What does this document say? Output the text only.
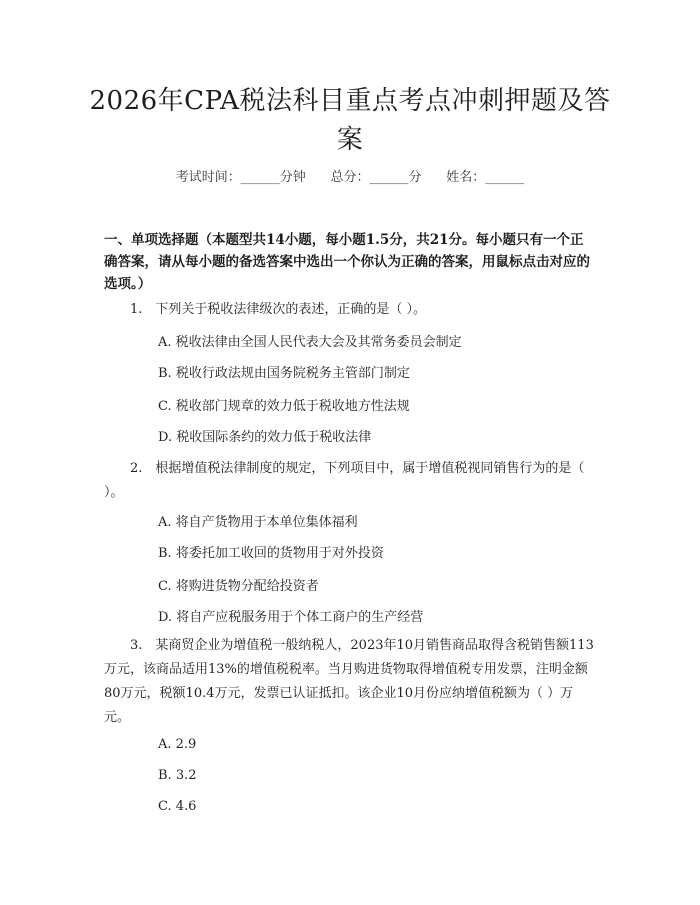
2026年CPA税法科目重点考点冲刺押题及答案
考试时间：______分钟      总分：______分      姓名：______
一、单项选择题（本题型共14小题，每小题1.5分，共21分。每小题只有一个正确答案，请从每小题的备选答案中选出一个你认为正确的答案，用鼠标点击对应的选项。）
1.　下列关于税收法律级次的表述，正确的是（ ）。
A. 税收法律由全国人民代表大会及其常务委员会制定
B. 税收行政法规由国务院税务主管部门制定
C. 税收部门规章的效力低于税收地方性法规
D. 税收国际条约的效力低于税收法律
2.　根据增值税法律制度的规定，下列项目中，属于增值税视同销售行为的是（ ）。
A. 将自产货物用于本单位集体福利
B. 将委托加工收回的货物用于对外投资
C. 将购进货物分配给投资者
D. 将自产应税服务用于个体工商户的生产经营
3.　某商贸企业为增值税一般纳税人，2023年10月销售商品取得含税销售额113万元，该商品适用13%的增值税税率。当月购进货物取得增值税专用发票，注明金额80万元，税额10.4万元，发票已认证抵扣。该企业10月份应纳增值税额为（ ）万元。
A. 2.9
B. 3.2
C. 4.6
